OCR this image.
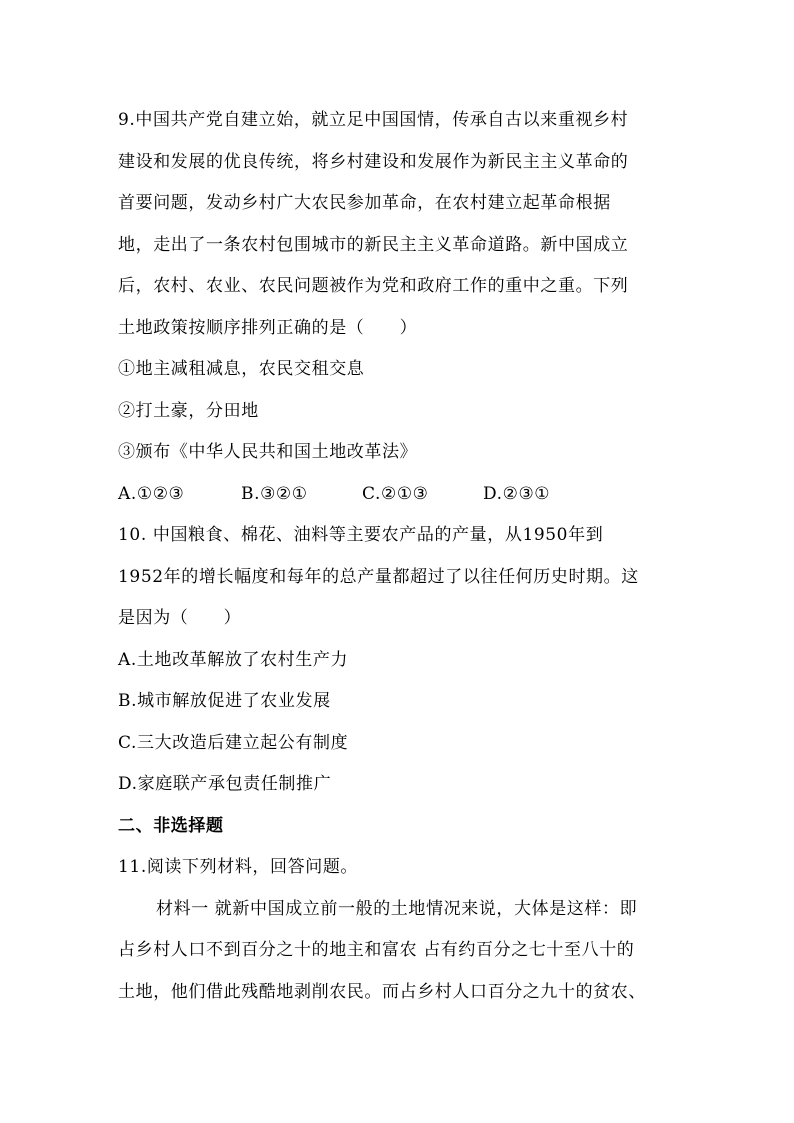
9.中国共产党自建立始，就立足中国国情，传承自古以来重视乡村
建设和发展的优良传统，将乡村建设和发展作为新民主主义革命的
首要问题，发动乡村广大农民参加革命，在农村建立起革命根据
地，走出了一条农村包围城市的新民主主义革命道路。新中国成立
后，农村、农业、农民问题被作为党和政府工作的重中之重。下列
土地政策按顺序排列正确的是（　　）
①地主减租减息，农民交租交息
②打土豪，分田地
③颁布《中华人民共和国土地改革法》
A.①②③	B.③②①	C.②①③	D.②③①
10. 中国粮食、棉花、油料等主要农产品的产量，从1950年到
1952年的增长幅度和每年的总产量都超过了以往任何历史时期。这
是因为（　　）
A.土地改革解放了农村生产力
B.城市解放促进了农业发展
C.三大改造后建立起公有制度
D.家庭联产承包责任制推广
二、非选择题
11.阅读下列材料，回答问题。
材料一 就新中国成立前一般的土地情况来说，大体是这样：即
占乡村人口不到百分之十的地主和富农 占有约百分之七十至八十的
土地，他们借此残酷地剥削农民。而占乡村人口百分之九十的贫农、
